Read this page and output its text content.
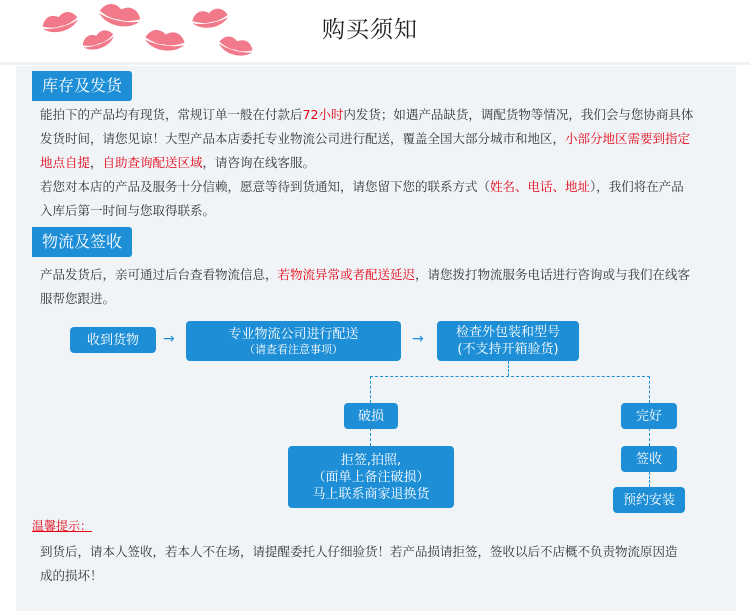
购买须知
库存及发货
能拍下的产品均有现货，常规订单一般在付款后72小时内发货；如遇产品缺货，调配货物等情况，我们会与您协商具体
发货时间，请您见谅！大型产品本店委托专业物流公司进行配送，覆盖全国大部分城市和地区，小部分地区需要到指定
地点自提，自助查询配送区域，请咨询在线客服。
若您对本店的产品及服务十分信赖，愿意等待到货通知，请您留下您的联系方式（姓名、电话、地址），我们将在产品
入库后第一时间与您取得联系。
物流及签收
产品发货后，亲可通过后台查看物流信息，若物流异常或者配送延迟，请您拨打物流服务电话进行咨询或与我们在线客
服帮您跟进。
收到货物 →	专业物流公司进行配送
（请查看注意事项）
→ 检查外包装和型号
(不支持开箱验货)
破损
拒签,拍照,
（面单上备注破损）
马上联系商家退换货
完好
签收
预约安装
温馨提示：
到货后，请本人签收，若本人不在场，请提醒委托人仔细验货！若产品损请拒签，签收以后不店概不负责物流原因造
成的损坏！
